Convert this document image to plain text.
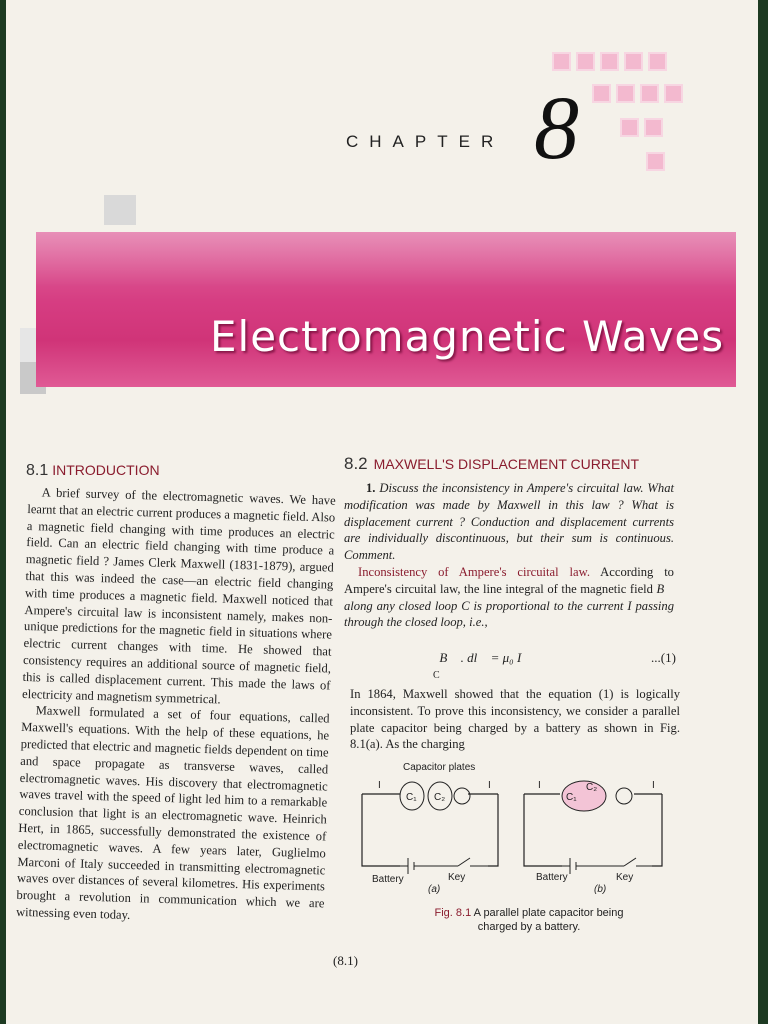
CHAPTER 8
Electromagnetic Waves
8.1 INTRODUCTION	8.2 MAXWELL'S DISPLACEMENT CURRENT

A brief survey of the electromagnetic waves. We have learnt that an electric current produces a magnetic field. Also a magnetic field changing with time produces an electric field. Can an electric field changing with time produce a magnetic field ? James Clerk Maxwell (1831-1879), argued that this was indeed the case—an electric field changing with time produces a magnetic field. Maxwell noticed that Ampere's circuital law is inconsistent namely, makes non-unique predictions for the magnetic field in situations where electric current changes with time. He showed that consistency requires an additional source of magnetic field, this is called displacement current. This made the laws of electricity and magnetism symmetrical.

Maxwell formulated a set of four equations, called Maxwell's equations. With the help of these equations, he predicted that electric and magnetic fields dependent on time and space propagate as transverse waves, called electromagnetic waves. His discovery that electromagnetic waves travel with the speed of light led him to a remarkable conclusion that light is an electromagnetic wave. Heinrich Hert, in 1865, successfully demonstrated the existence of electromagnetic waves. A few years later, Guglielmo Marconi of Italy succeeded in transmitting electromagnetic waves over distances of several kilometres. His experiments brought a revolution in communication which we are witnessing even today.

1. Discuss the inconsistency in Ampere's circuital law. What modification was made by Maxwell in this law ? What is displacement current ? Conduction and displacement currents are individually discontinuous, but their sum is continuous. Comment.

Inconsistency of Ampere's circuital law. According to Ampere's circuital law, the line integral of the magnetic field B⃗ along any closed loop C is proportional to the current I passing through the closed loop, i.e.,

∮ B⃗ . dl⃗ = μ₀ I
C
...(1)
In 1864, Maxwell showed that the equation (1) is logically inconsistent. To prove this inconsistency, we consider a parallel plate capacitor being charged by a battery as shown in Fig. 8.1(a). As the charging
Capacitor plates
I	I
C₁ C₂
Battery	Key
(a)
I	I
C₁
C₂
Battery	Key
(b)
Fig. 8.1 A parallel plate capacitor being charged by a battery.
(8.1)
